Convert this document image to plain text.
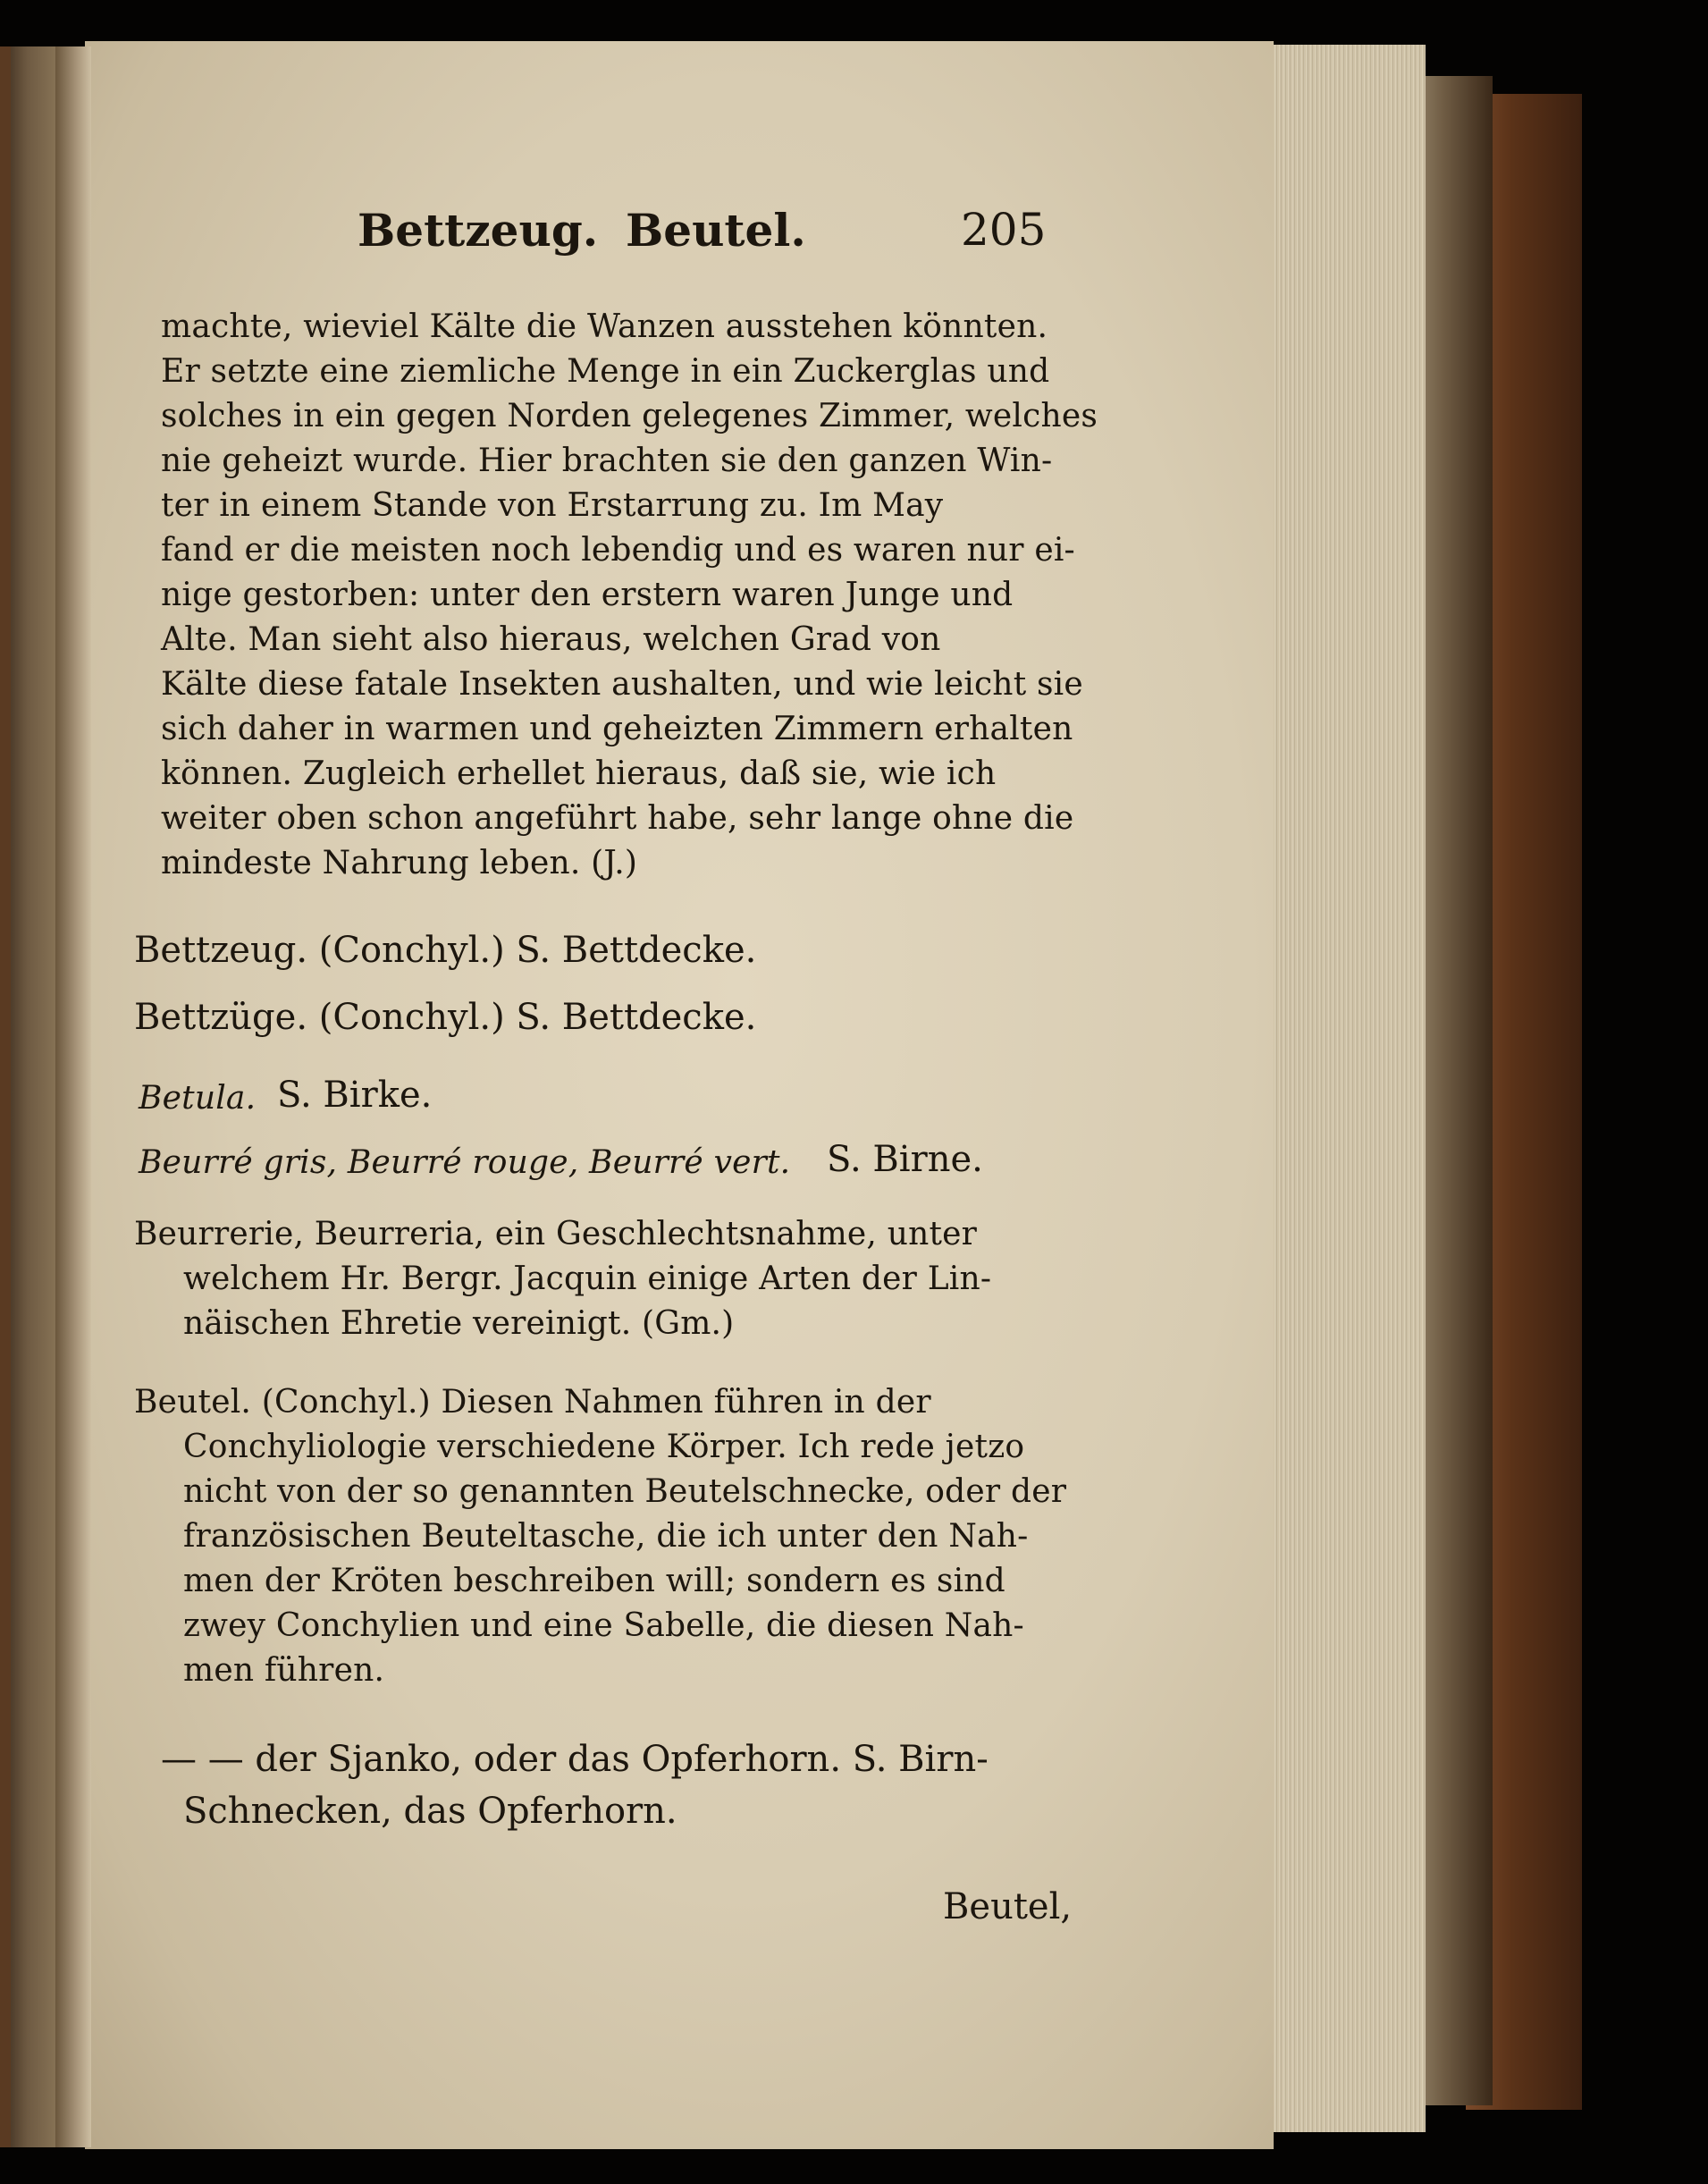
Bettzeug. Beutel.	205
machte, wieviel Kälte die Wanzen ausstehen könnten.
Er setzte eine ziemliche Menge in ein Zuckerglas und
solches in ein gegen Norden gelegenes Zimmer, welches
nie geheizt wurde. Hier brachten sie den ganzen Win-
ter in einem Stande von Erstarrung zu. Im May
fand er die meisten noch lebendig und es waren nur ei-
nige gestorben: unter den erstern waren Junge und
Alte. Man sieht also hieraus, welchen Grad von
Kälte diese fatale Insekten aushalten, und wie leicht sie
sich daher in warmen und geheizten Zimmern erhalten
können. Zugleich erhellet hieraus, daß sie, wie ich
weiter oben schon angeführt habe, sehr lange ohne die
mindeste Nahrung leben. (J.)
Bettzeug. (Conchyl.) S. Bettdecke.
Bettzüge. (Conchyl.) S. Bettdecke.
Betula. S. Birke.
Beurré gris, Beurré rouge, Beurré vert. S. Birne.
Beurrerie, Beurreria, ein Geschlechtsnahme, unter
welchem Hr. Bergr. Jacquin einige Arten der Lin-
näischen Ehretie vereinigt. (Gm.)
Beutel. (Conchyl.) Diesen Nahmen führen in der
Conchyliologie verschiedene Körper. Ich rede jetzo
nicht von der so genannten Beutelschnecke, oder der
französischen Beuteltasche, die ich unter den Nah-
men der Kröten beschreiben will; sondern es sind
zwey Conchylien und eine Sabelle, die diesen Nah-
men führen.
— — der Sjanko, oder das Opferhorn. S. Birn-
Schnecken, das Opferhorn.
Beutel,
